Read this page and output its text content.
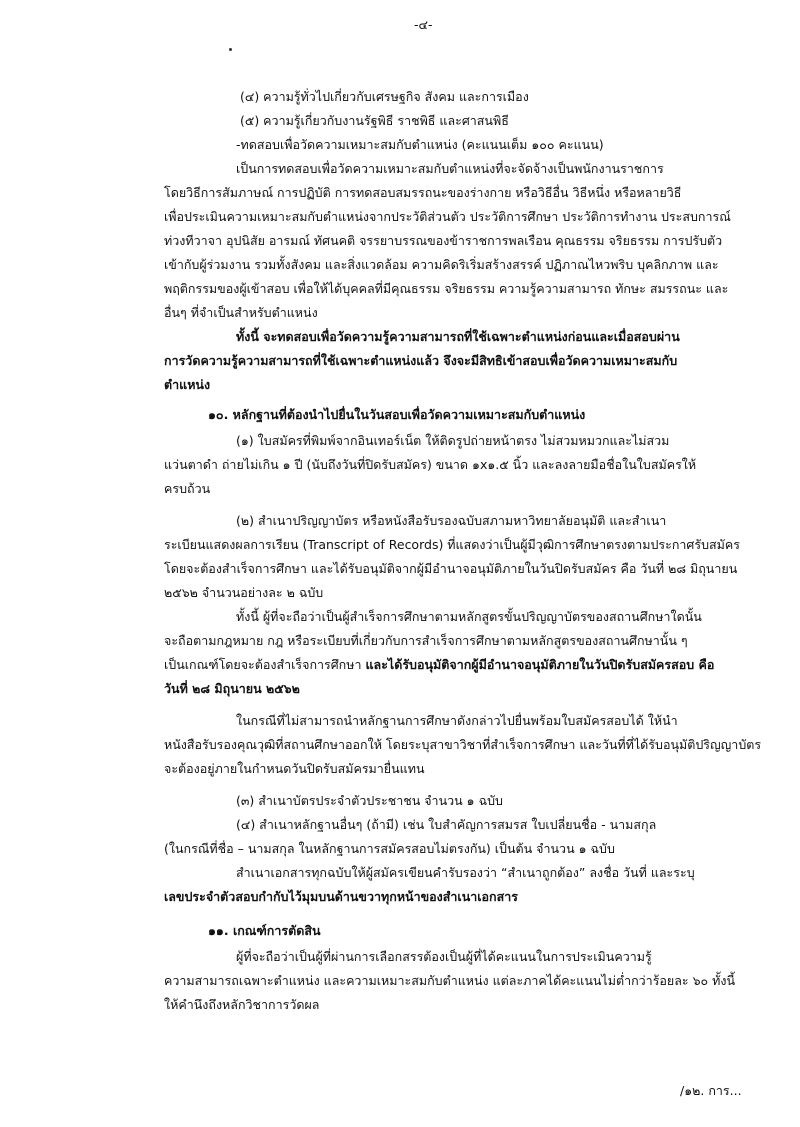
-๔-
(๔) ความรู้ทั่วไปเกี่ยวกับเศรษฐกิจ สังคม และการเมือง
(๕) ความรู้เกี่ยวกับงานรัฐพิธี ราชพิธี และศาสนพิธี
-ทดสอบเพื่อวัดความเหมาะสมกับตำแหน่ง (คะแนนเต็ม ๑๐๐ คะแนน)
เป็นการทดสอบเพื่อวัดความเหมาะสมกับตำแหน่งที่จะจัดจ้างเป็นพนักงานราชการ
โดยวิธีการสัมภาษณ์ การปฏิบัติ การทดสอบสมรรถนะของร่างกาย หรือวิธีอื่น วิธีหนึ่ง หรือหลายวิธี
เพื่อประเมินความเหมาะสมกับตำแหน่งจากประวัติส่วนตัว ประวัติการศึกษา ประวัติการทำงาน ประสบการณ์
ท่วงทีวาจา อุปนิสัย อารมณ์ ทัศนคติ จรรยาบรรณของข้าราชการพลเรือน คุณธรรม จริยธรรม การปรับตัว
เข้ากับผู้ร่วมงาน รวมทั้งสังคม และสิ่งแวดล้อม ความคิดริเริ่มสร้างสรรค์ ปฏิภาณไหวพริบ บุคลิกภาพ และ
พฤติกรรมของผู้เข้าสอบ เพื่อให้ได้บุคคลที่มีคุณธรรม จริยธรรม ความรู้ความสามารถ ทักษะ สมรรถนะ และ
อื่นๆ ที่จำเป็นสำหรับตำแหน่ง
ทั้งนี้ จะทดสอบเพื่อวัดความรู้ความสามารถที่ใช้เฉพาะตำแหน่งก่อนและเมื่อสอบผ่าน
การวัดความรู้ความสามารถที่ใช้เฉพาะตำแหน่งแล้ว จึงจะมีสิทธิเข้าสอบเพื่อวัดความเหมาะสมกับ
ตำแหน่ง
๑๐. หลักฐานที่ต้องนำไปยื่นในวันสอบเพื่อวัดความเหมาะสมกับตำแหน่ง
(๑) ใบสมัครที่พิมพ์จากอินเทอร์เน็ต ให้ติดรูปถ่ายหน้าตรง ไม่สวมหมวกและไม่สวม
แว่นตาดำ ถ่ายไม่เกิน ๑ ปี (นับถึงวันที่ปิดรับสมัคร) ขนาด ๑x๑.๕ นิ้ว และลงลายมือชื่อในใบสมัครให้
ครบถ้วน
(๒) สำเนาปริญญาบัตร หรือหนังสือรับรองฉบับสภามหาวิทยาลัยอนุมัติ และสำเนา
ระเบียนแสดงผลการเรียน (Transcript of Records) ที่แสดงว่าเป็นผู้มีวุฒิการศึกษาตรงตามประกาศรับสมัคร
โดยจะต้องสำเร็จการศึกษา และได้รับอนุมัติจากผู้มีอำนาจอนุมัติภายในวันปิดรับสมัคร คือ วันที่ ๒๘ มิถุนายน
๒๕๖๒ จำนวนอย่างละ ๒ ฉบับ
ทั้งนี้ ผู้ที่จะถือว่าเป็นผู้สำเร็จการศึกษาตามหลักสูตรขั้นปริญญาบัตรของสถานศึกษาใดนั้น
จะถือตามกฎหมาย กฎ หรือระเบียบที่เกี่ยวกับการสำเร็จการศึกษาตามหลักสูตรของสถานศึกษานั้น ๆ
เป็นเกณฑ์โดยจะต้องสำเร็จการศึกษา และได้รับอนุมัติจากผู้มีอำนาจอนุมัติภายในวันปิดรับสมัครสอบ คือ
วันที่ ๒๘ มิถุนายน ๒๕๖๒
ในกรณีที่ไม่สามารถนำหลักฐานการศึกษาดังกล่าวไปยื่นพร้อมใบสมัครสอบได้ ให้นำ
หนังสือรับรองคุณวุฒิที่สถานศึกษาออกให้ โดยระบุสาขาวิชาที่สำเร็จการศึกษา และวันที่ที่ได้รับอนุมัติปริญญาบัตร
จะต้องอยู่ภายในกำหนดวันปิดรับสมัครมายื่นแทน
(๓) สำเนาบัตรประจำตัวประชาชน จำนวน ๑ ฉบับ
(๔) สำเนาหลักฐานอื่นๆ (ถ้ามี) เช่น ใบสำคัญการสมรส ใบเปลี่ยนชื่อ - นามสกุล
(ในกรณีที่ชื่อ – นามสกุล ในหลักฐานการสมัครสอบไม่ตรงกัน) เป็นต้น จำนวน ๑ ฉบับ
สำเนาเอกสารทุกฉบับให้ผู้สมัครเขียนคำรับรองว่า “สำเนาถูกต้อง” ลงชื่อ วันที่ และระบุ
เลขประจำตัวสอบกำกับไว้มุมบนด้านขวาทุกหน้าของสำเนาเอกสาร
๑๑. เกณฑ์การตัดสิน
ผู้ที่จะถือว่าเป็นผู้ที่ผ่านการเลือกสรรต้องเป็นผู้ที่ได้คะแนนในการประเมินความรู้
ความสามารถเฉพาะตำแหน่ง และความเหมาะสมกับตำแหน่ง แต่ละภาคได้คะแนนไม่ต่ำกว่าร้อยละ ๖๐ ทั้งนี้
ให้คำนึงถึงหลักวิชาการวัดผล
/๑๒. การ...
